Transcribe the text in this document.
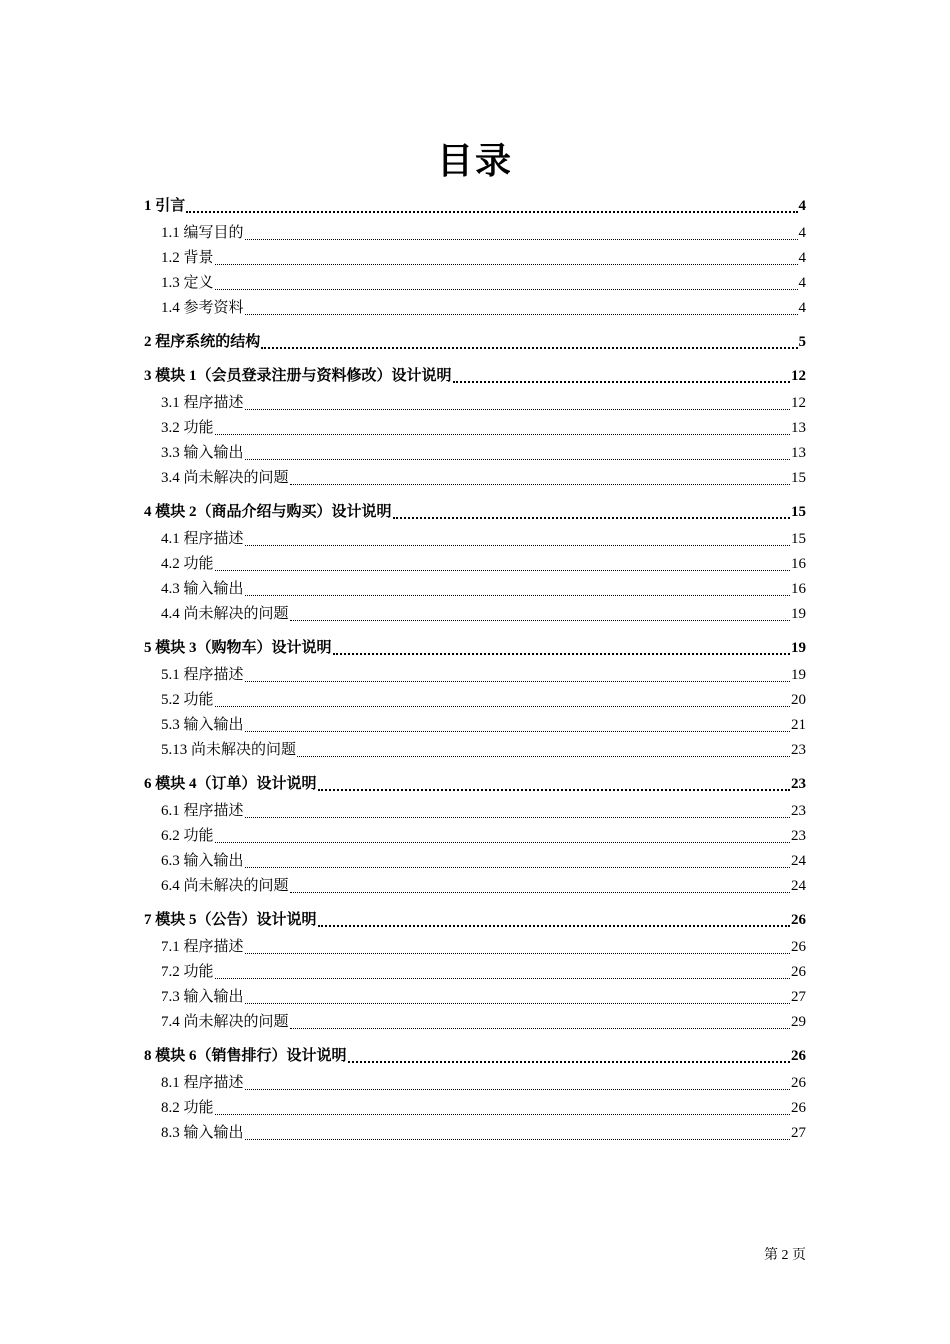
目录
1 引言	4
1.1 编写目的	4
1.2 背景	4
1.3 定义	4
1.4 参考资料	4
2 程序系统的结构	5
3 模块 1（会员登录注册与资料修改）设计说明	12
3.1 程序描述	12
3.2 功能	13
3.3 输入输出	13
3.4 尚未解决的问题	15
4 模块 2（商品介绍与购买）设计说明	15
4.1 程序描述	15
4.2 功能	16
4.3 输入输出	16
4.4 尚未解决的问题	19
5 模块 3（购物车）设计说明	19
5.1 程序描述	19
5.2 功能	20
5.3 输入输出	21
5.13 尚未解决的问题	23
6 模块 4（订单）设计说明	23
6.1 程序描述	23
6.2 功能	23
6.3 输入输出	24
6.4 尚未解决的问题	24
7 模块 5（公告）设计说明	26
7.1 程序描述	26
7.2 功能	26
7.3 输入输出	27
7.4 尚未解决的问题	29
8 模块 6（销售排行）设计说明	26
8.1 程序描述	26
8.2 功能	26
8.3 输入输出	27
第 2 页
